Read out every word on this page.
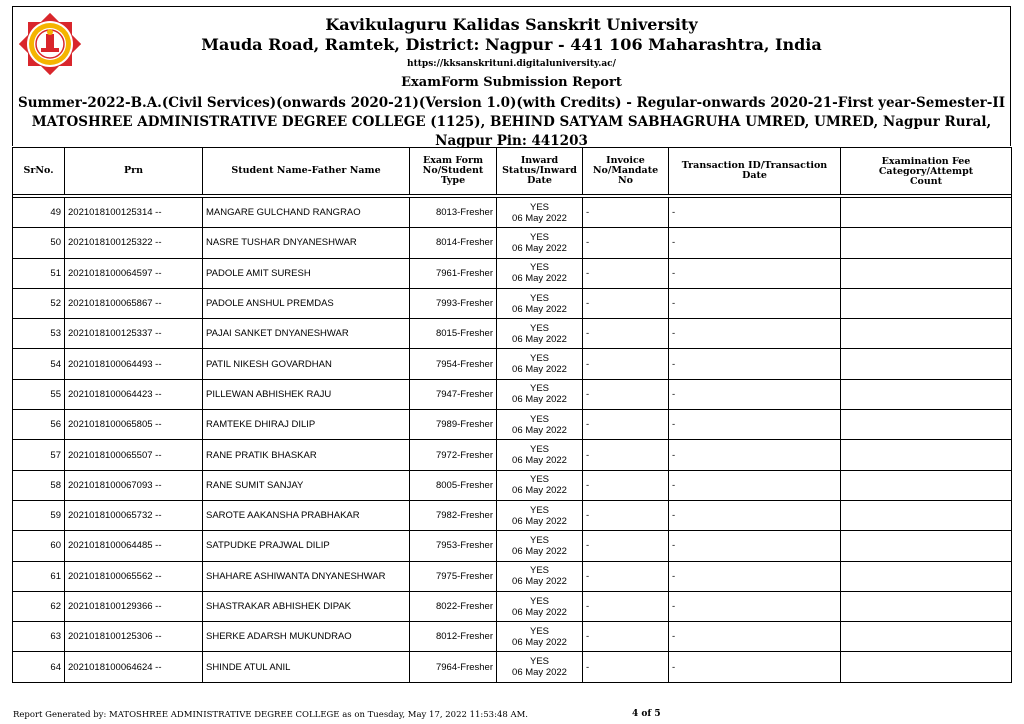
Kavikulaguru Kalidas Sanskrit University
Mauda Road, Ramtek, District: Nagpur - 441 106 Maharashtra, India
https://kksanskrituni.digitaluniversity.ac/
ExamForm Submission Report
Summer-2022-B.A.(Civil Services)(onwards 2020-21)(Version 1.0)(with Credits) - Regular-onwards 2020-21-First year-Semester-II
MATOSHREE ADMINISTRATIVE DEGREE COLLEGE (1125), BEHIND SATYAM SABHAGRUHA UMRED, UMRED, Nagpur Rural,
Nagpur Pin: 441203
SrNo.	Prn	Student Name-Father Name	Exam Form
No/Student Type	Inward
Status/Inward
Date	Invoice
No/Mandate No	Transaction ID/Transaction Date	Examination Fee Category/Attempt
Count

49	2021018100125314 --	MANGARE GULCHAND RANGRAO	8013-Fresher	YES
06 May 2022	-	-	
50	2021018100125322 --	NASRE TUSHAR DNYANESHWAR	8014-Fresher	YES
06 May 2022	-	-	
51	2021018100064597 --	PADOLE AMIT SURESH	7961-Fresher	YES
06 May 2022	-	-	
52	2021018100065867 --	PADOLE ANSHUL PREMDAS	7993-Fresher	YES
06 May 2022	-	-	
53	2021018100125337 --	PAJAI SANKET DNYANESHWAR	8015-Fresher	YES
06 May 2022	-	-	
54	2021018100064493 --	PATIL NIKESH GOVARDHAN	7954-Fresher	YES
06 May 2022	-	-	
55	2021018100064423 --	PILLEWAN ABHISHEK RAJU	7947-Fresher	YES
06 May 2022	-	-	
56	2021018100065805 --	RAMTEKE DHIRAJ DILIP	7989-Fresher	YES
06 May 2022	-	-	
57	2021018100065507 --	RANE PRATIK BHASKAR	7972-Fresher	YES
06 May 2022	-	-	
58	2021018100067093 --	RANE SUMIT SANJAY	8005-Fresher	YES
06 May 2022	-	-	
59	2021018100065732 --	SAROTE AAKANSHA PRABHAKAR	7982-Fresher	YES
06 May 2022	-	-	
60	2021018100064485 --	SATPUDKE PRAJWAL DILIP	7953-Fresher	YES
06 May 2022	-	-	
61	2021018100065562 --	SHAHARE ASHIWANTA DNYANESHWAR	7975-Fresher	YES
06 May 2022	-	-	
62	2021018100129366 --	SHASTRAKAR ABHISHEK DIPAK	8022-Fresher	YES
06 May 2022	-	-	
63	2021018100125306 --	SHERKE ADARSH MUKUNDRAO	8012-Fresher	YES
06 May 2022	-	-	
64	2021018100064624 --	SHINDE ATUL ANIL	7964-Fresher	YES
06 May 2022	-	-	
Report Generated by: MATOSHREE ADMINISTRATIVE DEGREE COLLEGE as on Tuesday, May 17, 2022 11:53:48 AM.	4 of 5
